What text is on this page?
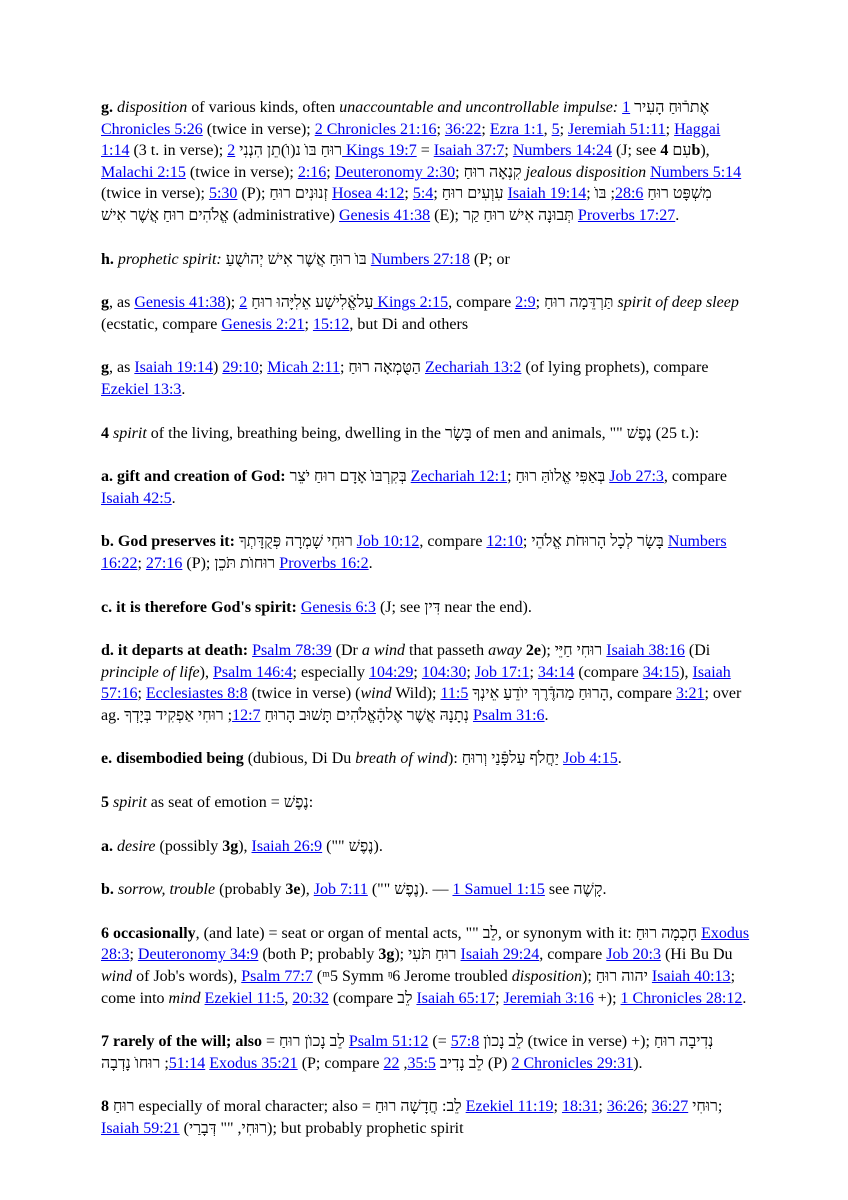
g. disposition of various kinds, often unaccountable and uncontrollable impulse: אֶתרֿוּחַ הָעִיר 1 Chronicles 5:26 (twice in verse); 2 Chronicles 21:16; 36:22; Ezra 1:1, 5; Jeremiah 51:11; Haggai 1:14 (3 t. in verse); רוּחַ בּוֺ נ(וֺ)תֵן הִנְנִי 2 Kings 19:7 = Isaiah 37:7; Numbers 14:24 (J; see עִם 4b), Malachi 2:15 (twice in verse); 2:16; Deuteronomy 2:30; קִנְאָה רוּחַ jealous disposition Numbers 5:14 (twice in verse); 5:30 (P); זְנוּנִים רוּחַ Hosea 4:12; 5:4; עִוְעִים רוּחַ Isaiah 19:14; מִשְׁפָּט רוּחַ 28:6; בּוֺ אֱלֹהִים רוּחַ אֲשֶׁר אִישׁ (administrative) Genesis 41:38 (E); תְּבוּנָה אִישׁ רוּחַ קַר Proverbs 17:27.

h. prophetic spirit: בּוֺ רוּחַ אֲשֶׁר אִישׁ יְהוֺשֻׁעַ Numbers 27:18 (P; or

g, as Genesis 41:38); עַלאֱֿלִישָׁע אֵלִיָּהוּ רוּחַ 2 Kings 2:15, compare 2:9; תַּרְדֵּמָה רוּחַ spirit of deep sleep (ecstatic, compare Genesis 2:21; 15:12, but Di and others

g, as Isaiah 19:14) 29:10; Micah 2:11; הַטֻּמְאָה רוּחַ Zechariah 13:2 (of lying prophets), compare Ezekiel 13:3.

4 spirit of the living, breathing being, dwelling in the בָּשָׂר of men and animals, "" נֶפֶשׁ (25 t.):

a. gift and creation of God: בְּקִרְבּוֺ אָדָם רוּחַ יֹצֵר Zechariah 12:1; בְּאַפִּי אֱלוֺהַּ רוּחַ Job 27:3, compare Isaiah 42:5.

b. God preserves it: רוּחִי שָׁמְרָה פְּקֻדָּתְךָ Job 10:12, compare 12:10; בָּשָׂר לְכָל הָרוּחֹת אֱלֹהֵי Numbers 16:22; 27:16 (P); רוּחוֺת תֹּכֵן Proverbs 16:2.

c. it is therefore God's spirit: Genesis 6:3 (J; see דִּין near the end).

d. it departs at death: Psalm 78:39 (Dr a wind that passeth away 2e); רוּחִי חַיֵּי Isaiah 38:16 (Di principle of life), Psalm 146:4; especially 104:29; 104:30; Job 17:1; 34:14 (compare 34:15), Isaiah 57:16; Ecclesiastes 8:8 (twice in verse) (wind Wild); הָרוּחַ מַהדֶּֿרֶךְ יוֺדֵעַ אֵינְךָ 11:5	, compare 3:21; over ag. נְתָנָהּ אֲשֶׁר אֶלהָֿאֱלֹהִים תָּשׁוּב הָרוּחַ 12:7; רוּחִי אַפְקִיד בְּיָדְךָ Psalm 31:6.

e. disembodied being (dubious, Di Du breath of wind): יַחֲלֹף עַלפָּֿנַי וְרוּחַ Job 4:15.

5 spirit as seat of emotion = נֶפֶשׁ:

a. desire (possibly 3g), Isaiah 26:9 ("" נֶפֶשׁ).

b. sorrow, trouble (probably 3e), Job 7:11 ("" נֶפֶשׁ). — 1 Samuel 1:15 see קָשֶׁה.

6 occasionally, (and late) = seat or organ of mental acts, "" לֵב, or synonym with it: חָכְמָה רוּחַ Exodus 28:3; Deuteronomy 34:9 (both P; probably 3g); רוּחַ תֹּעִי Isaiah 29:24, compare Job 20:3 (Hi Bu Du wind of Job's words), Psalm 77:7 (ᵐ5 Symm ᵑ6 Jerome troubled disposition); יהוה רוּחַ Isaiah 40:13; come into mind Ezekiel 11:5, 20:32 (compare לֵב Isaiah 65:17; Jeremiah 3:16 +); 1 Chronicles 28:12.

7 rarely of the will; also = לֵב נָכוֺן רוּחַ Psalm 51:12 (= לֵב נָכוֺן 57:8	(twice in verse) +); נְדִיבָה רוּחַ 51:14; רוּחוֺ נָדְבָה Exodus 35:21 (P; compare לֵב נָדִיב 35:5, 22	(P) 2 Chronicles 29:31).

8 רוּחַ especially of moral character; also = לֵב: חֲדָשָׁה רוּחַ Ezekiel 11:19; 18:31; 36:26; רוּחִי 36:27 ; Isaiah 59:21 (רוּחִי, "" דְּבָרַי); but probably prophetic spirit
